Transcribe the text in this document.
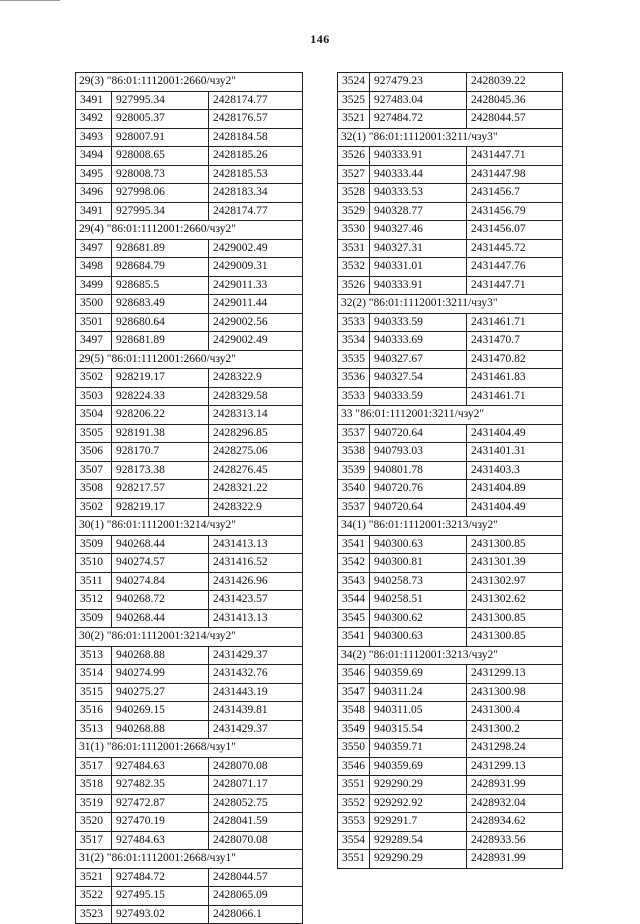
146
29(3) "86:01:1112001:2660/чзу2"		
3491	927995.34	2428174.77
3492	928005.37	2428176.57
3493	928007.91	2428184.58
3494	928008.65	2428185.26
3495	928008.73	2428185.53
3496	927998.06	2428183.34
3491	927995.34	2428174.77
29(4) "86:01:1112001:2660/чзу2"		
3497	928681.89	2429002.49
3498	928684.79	2429009.31
3499	928685.5	2429011.33
3500	928683.49	2429011.44
3501	928680.64	2429002.56
3497	928681.89	2429002.49
29(5) "86:01:1112001:2660/чзу2"		
3502	928219.17	2428322.9
3503	928224.33	2428329.58
3504	928206.22	2428313.14
3505	928191.38	2428296.85
3506	928170.7	2428275.06
3507	928173.38	2428276.45
3508	928217.57	2428321.22
3502	928219.17	2428322.9
30(1) "86:01:1112001:3214/чзу2"		
3509	940268.44	2431413.13
3510	940274.57	2431416.52
3511	940274.84	2431426.96
3512	940268.72	2431423.57
3509	940268.44	2431413.13
30(2) "86:01:1112001:3214/чзу2"		
3513	940268.88	2431429.37
3514	940274.99	2431432.76
3515	940275.27	2431443.19
3516	940269.15	2431439.81
3513	940268.88	2431429.37
31(1) "86:01:1112001:2668/чзу1"		
3517	927484.63	2428070.08
3518	927482.35	2428071.17
3519	927472.87	2428052.75
3520	927470.19	2428041.59
3517	927484.63	2428070.08
31(2) "86:01:1112001:2668/чзу1"		
3521	927484.72	2428044.57
3522	927495.15	2428065.09
3523	927493.02	2428066.1
3524	927479.23	2428039.22
3525	927483.04	2428045.36
3521	927484.72	2428044.57
32(1) "86:01:1112001:3211/чзу3"		
3526	940333.91	2431447.71
3527	940333.44	2431447.98
3528	940333.53	2431456.7
3529	940328.77	2431456.79
3530	940327.46	2431456.07
3531	940327.31	2431445.72
3532	940331.01	2431447.76
3526	940333.91	2431447.71
32(2) "86:01:1112001:3211/чзу3"		
3533	940333.59	2431461.71
3534	940333.69	2431470.7
3535	940327.67	2431470.82
3536	940327.54	2431461.83
3533	940333.59	2431461.71
33 "86:01:1112001:3211/чзу2"		
3537	940720.64	2431404.49
3538	940793.03	2431401.31
3539	940801.78	2431403.3
3540	940720.76	2431404.89
3537	940720.64	2431404.49
34(1) "86:01:1112001:3213/чзу2"		
3541	940300.63	2431300.85
3542	940300.81	2431301.39
3543	940258.73	2431302.97
3544	940258.51	2431302.62
3545	940300.62	2431300.85
3541	940300.63	2431300.85
34(2) "86:01:1112001:3213/чзу2"		
3546	940359.69	2431299.13
3547	940311.24	2431300.98
3548	940311.05	2431300.4
3549	940315.54	2431300.2
3550	940359.71	2431298.24
3546	940359.69	2431299.13
3551	929290.29	2428931.99
3552	929292.92	2428932.04
3553	929291.7	2428934.62
3554	929289.54	2428933.56
3551	929290.29	2428931.99
